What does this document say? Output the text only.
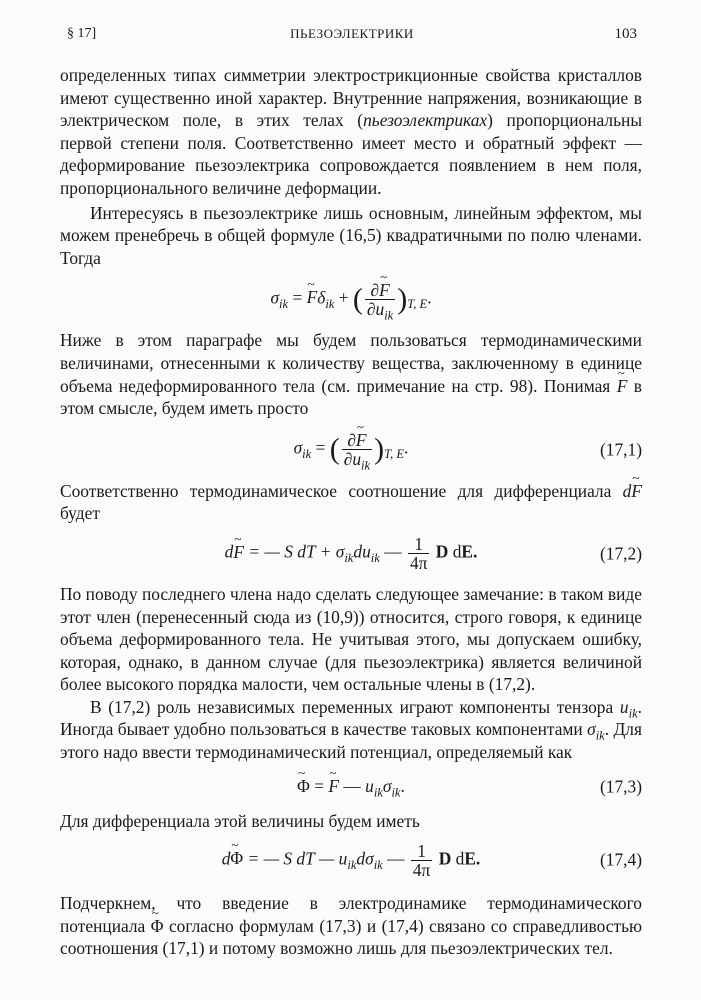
§ 17]	ПЬЕЗОЭЛЕКТРИКИ	103

определенных типах симметрии электрострикционные свойства кристаллов имеют существенно иной характер. Внутренние напряжения, возникающие в электрическом поле, в этих телах (пьезоэлектриках) пропорциональны первой степени поля. Соответственно имеет место и обратный эффект — деформирование пьезоэлектрика сопровождается появлением в нем поля, пропорционального величине деформации.

Интересуясь в пьезоэлектрике лишь основным, линейным эффектом, мы можем пренебречь в общей формуле (16,5) квадратичными по полю членами. Тогда

$\sigma_{ik}$ = ~ $F\delta_{ik}$ + ( $\frac{\partial\sim F}{\partial u_{ik}} )_{T, E}$.

Ниже в этом параграфе мы будем пользоваться термодинамическими величинами, отнесенными к количеству вещества, заключенному в единице объема недеформированного тела (см. примечание на стр. 98). Понимая ~ F в этом смысле, будем иметь просто

$\sigma_{ik}$ = ( $\frac{\partial\sim F}{\partial u_{ik}} )_{T, E}$.	(17,1)

Соответственно термодинамическое соотношение для дифференциала d~ F будет

d~ F = — S dT + $\sigma_{ik}du_{ik}$ — $\frac{1}{4\pi}$ D dE.	(17,2)

По поводу последнего члена надо сделать следующее замечание: в таком виде этот член (перенесенный сюда из (10,9)) относится, строго говоря, к единице объема деформированного тела. Не учитывая этого, мы допускаем ошибку, которая, однако, в данном случае (для пьезоэлектрика) является величиной более высокого порядка малости, чем остальные члены в (17,2).

В (17,2) роль независимых переменных играют компоненты тензора $u_{ik}$. Иногда бывает удобно пользоваться в качестве таковых компонентами $\sigma_{ik}$. Для этого надо ввести термодинамический потенциал, определяемый как

~ Φ = ~ F — $u_{ik}\sigma_{ik}$.	(17,3)

Для дифференциала этой величины будем иметь

d~ Φ = — S dT — $u_{ik}d\sigma_{ik}$ — $\frac{1}{4\pi}$ D dE.	(17,4)

Подчеркнем, что введение в электродинамике термодинамического потенциала ~ Φ согласно формулам (17,3) и (17,4) связано со справедливостью соотношения (17,1) и потому возможно лишь для пьезоэлектрических тел.
